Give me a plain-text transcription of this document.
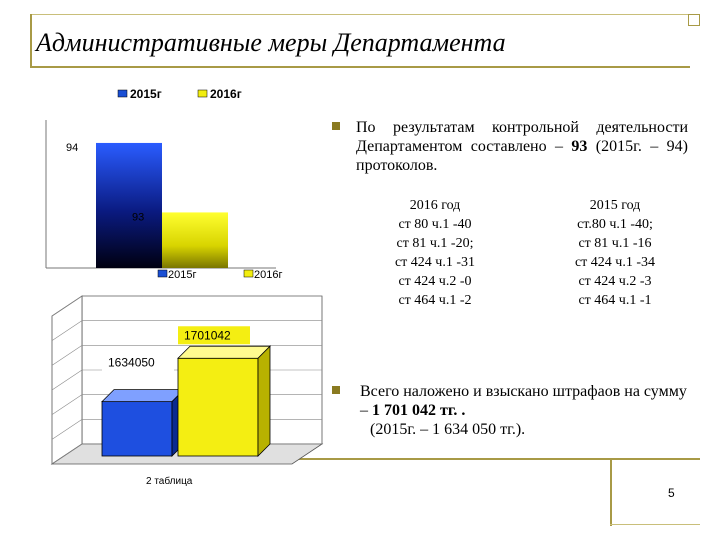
Административные меры Департамента
2015г	2016г
94
93
2015г	2016г
1634050
1701042
2 таблица
По результатам контрольной деятельности Департаментом составлено – 93 (2015г. – 94) протоколов.
2016 год
ст 80 ч.1 -40
ст 81 ч.1 -20;
ст 424 ч.1 -31
ст 424 ч.2 -0
ст 464 ч.1 -2
2015 год
ст.80 ч.1 -40;
ст 81 ч.1 -16
ст 424 ч.1 -34
ст 424 ч.2 -3
ст 464 ч.1 -1
Всего наложено и взыскано штрафаов на сумму – 1 701 042 тг. .
(2015г. – 1 634 050 тг.).
5
